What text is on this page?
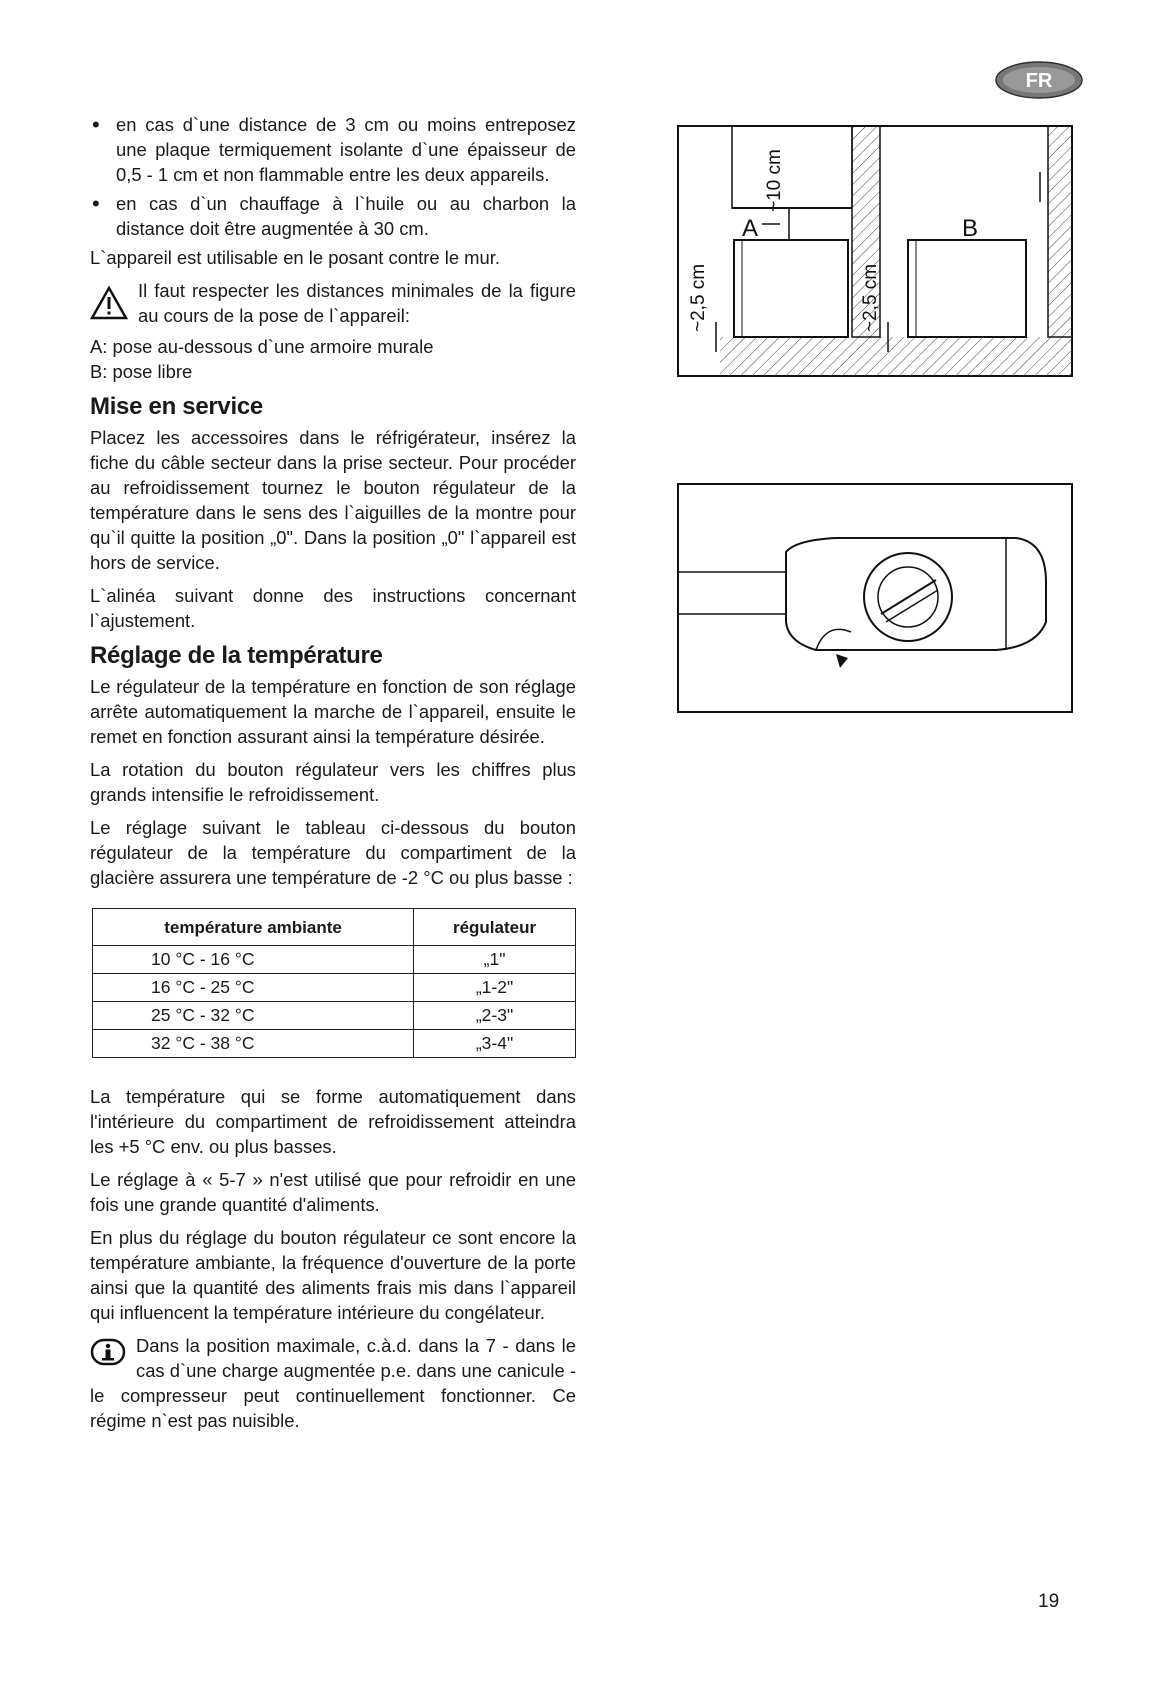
FR
• en cas d`une distance de 3 cm ou moins entreposez une plaque termiquement isolante d`une épaisseur de 0,5 - 1 cm et non flammable entre les deux appareils.
• en cas d`un chauffage à l`huile ou au charbon la distance doit être augmentée à 30 cm.

L`appareil est utilisable en le posant contre le mur.

Il faut respecter les distances minimales de la figure au cours de la pose de l`appareil:
A: pose au-dessous d`une armoire murale
B: pose libre
Mise en service

Placez les accessoires dans le réfrigérateur, insérez la fiche du câble secteur dans la prise secteur. Pour procéder au refroidissement tournez le bouton régulateur de la température dans le sens des l`aiguilles de la montre pour qu`il quitte la position „0". Dans la position „0" l`appareil est hors de service.

L`alinéa suivant donne des instructions concernant l`ajustement.

Réglage de la température

Le régulateur de la température en fonction de son réglage arrête automatiquement la marche de l`appareil, ensuite le remet en fonction assurant ainsi la température désirée.

La rotation du bouton régulateur vers les chiffres plus grands intensifie le refroidissement.

Le réglage suivant le tableau ci-dessous du bouton régulateur de la température du compartiment de la glacière assurera une température de -2 °C ou plus basse :

température ambiante	régulateur
10 °C - 16 °C	„1"
16 °C - 25 °C	„1-2"
25 °C - 32 °C	„2-3"
32 °C - 38 °C	„3-4"

La température qui se forme automatiquement dans l'intérieure du compartiment de refroidissement atteindra les +5 °C env. ou plus basses.

Le réglage à « 5-7 » n'est utilisé que pour refroidir en une fois une grande quantité d'aliments.

En plus du réglage du bouton régulateur ce sont encore la température ambiante, la fréquence d'ouverture de la porte ainsi que la quantité des aliments frais mis dans l`appareil qui influencent la température intérieure du congélateur.

Dans la position maximale, c.à.d. dans la 7 - dans le cas d`une charge augmentée p.e. dans une canicule - le compresseur peut continuellement fonctionner. Ce régime n`est pas nuisible.

A	B
~10 cm
~2,5 cm	~2,5 cm
19
